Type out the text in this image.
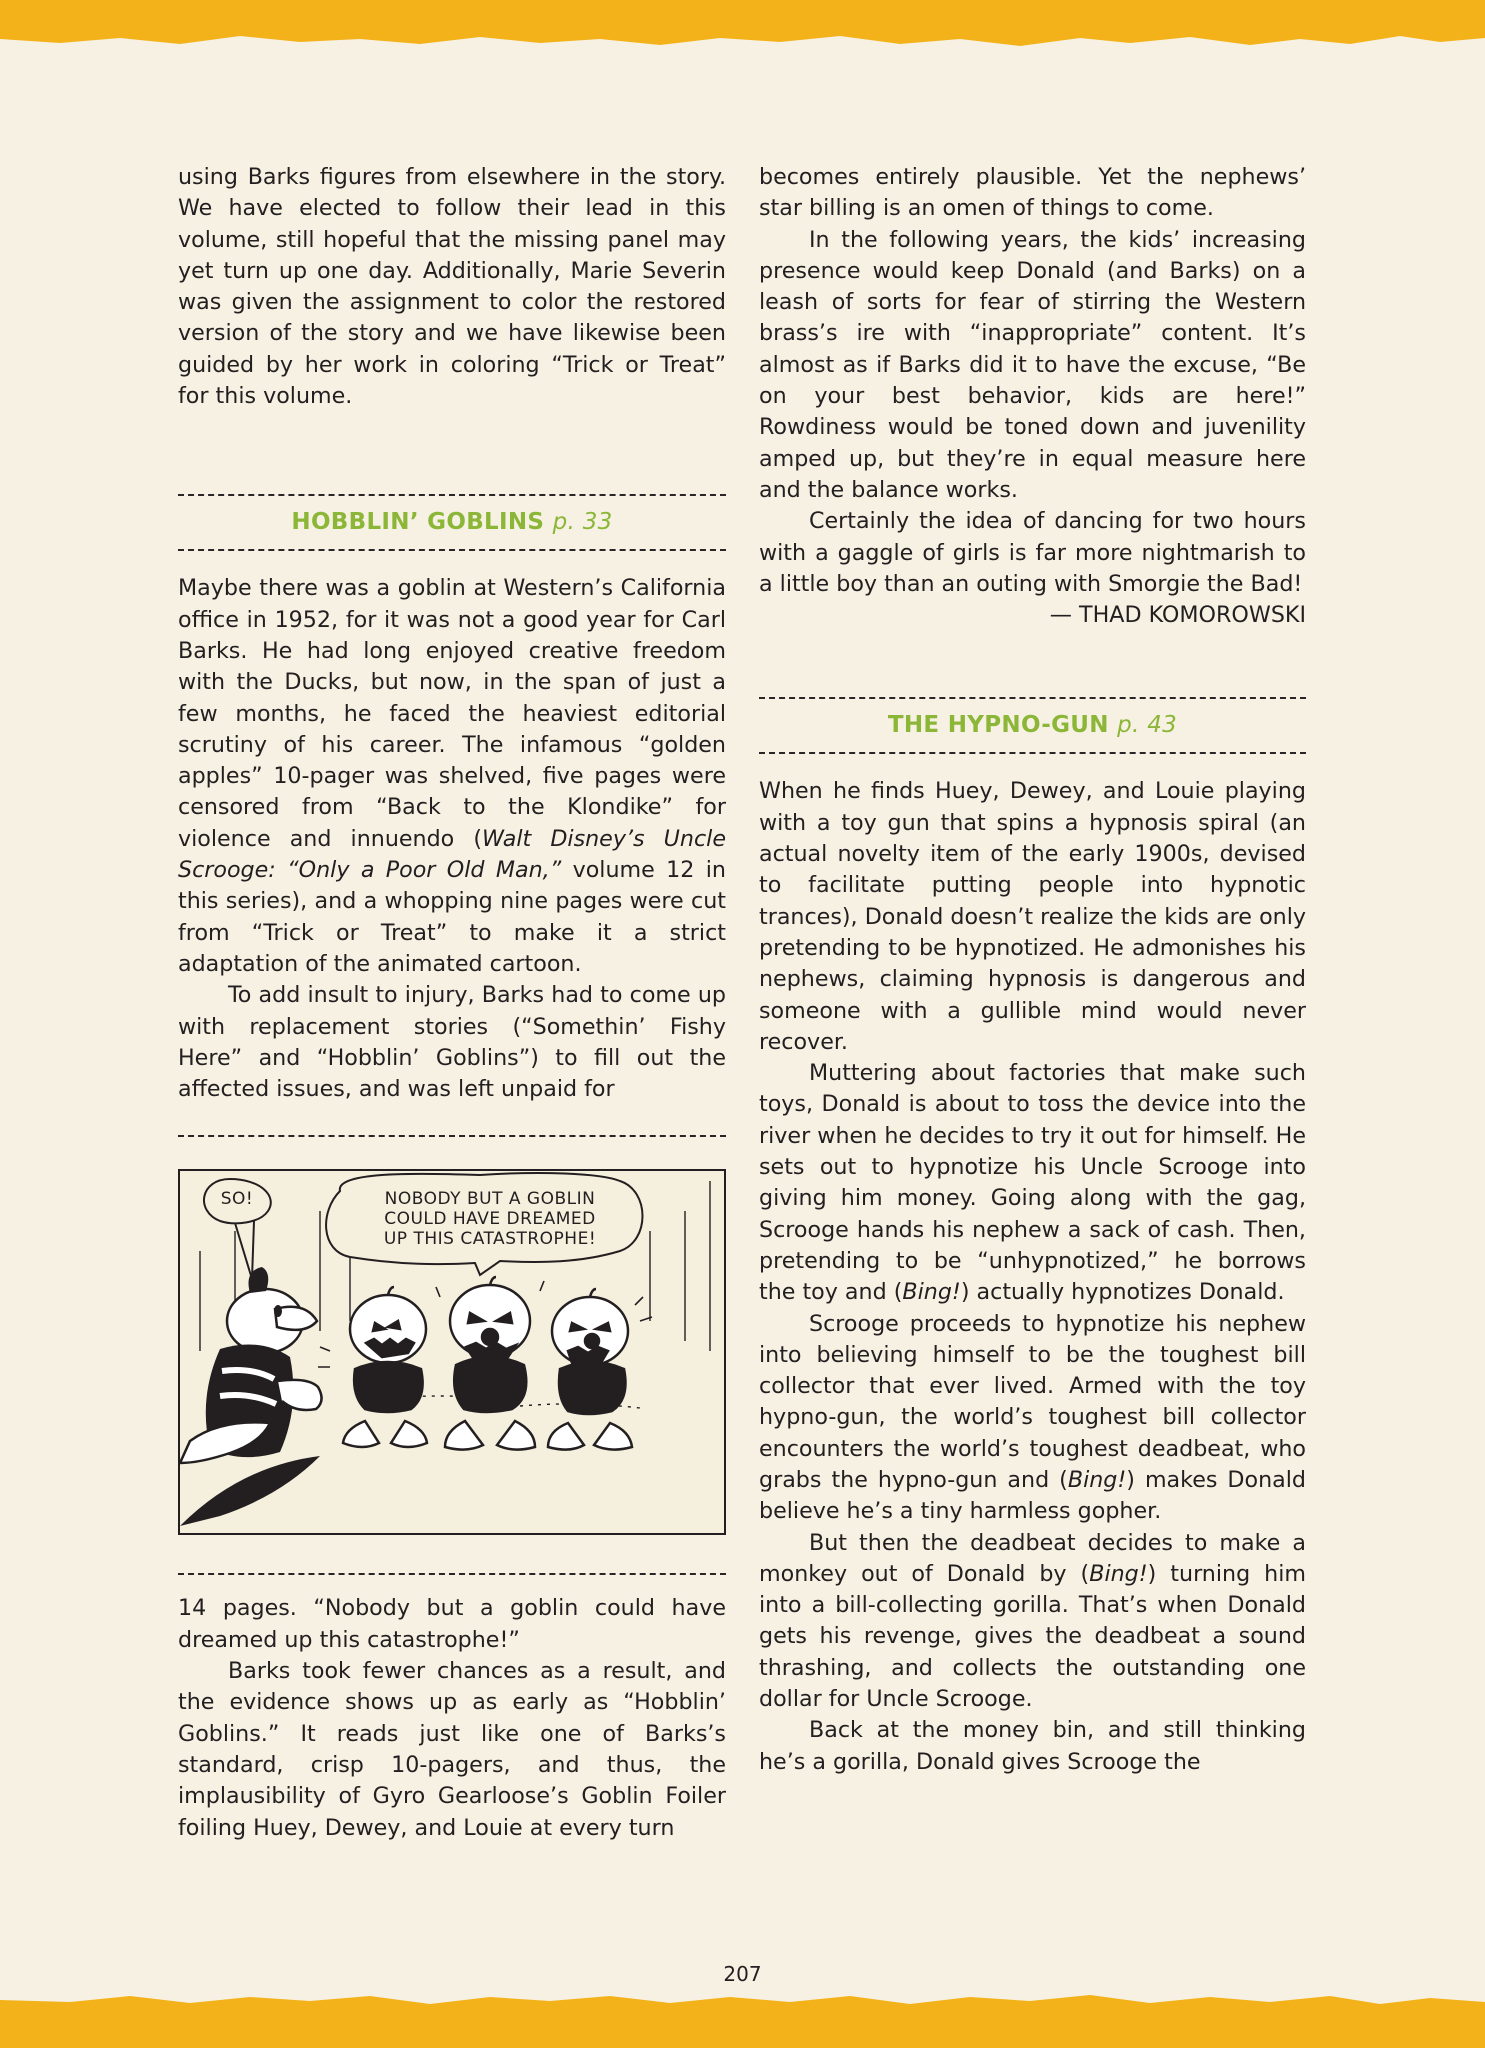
using Barks figures from elsewhere in the story. We have elected to follow their lead in this volume, still hopeful that the missing panel may yet turn up one day. Additionally, Marie Severin was given the assignment to color the restored version of the story and we have likewise been guided by her work in coloring “Trick or Treat” for this volume.

HOBBLIN’ GOBLINS p. 33

Maybe there was a goblin at Western’s California office in 1952, for it was not a good year for Carl Barks. He had long enjoyed creative freedom with the Ducks, but now, in the span of just a few months, he faced the heaviest editorial scrutiny of his career. The infamous “golden apples” 10-pager was shelved, five pages were censored from “Back to the Klondike” for violence and innuendo (Walt Disney’s Uncle Scrooge: “Only a Poor Old Man,” volume 12 in this series), and a whopping nine pages were cut from “Trick or Treat” to make it a strict adaptation of the animated cartoon.

To add insult to injury, Barks had to come up with replacement stories (“Somethin’ Fishy Here” and “Hobblin’ Goblins”) to fill out the affected issues, and was left unpaid for

SO!	NOBODY BUT A GOBLIN
COULD HAVE DREAMED
UP THIS CATASTROPHE!

14 pages. “Nobody but a goblin could have dreamed up this catastrophe!”

Barks took fewer chances as a result, and the evidence shows up as early as “Hobblin’ Goblins.” It reads just like one of Barks’s standard, crisp 10-pagers, and thus, the implausibility of Gyro Gearloose’s Goblin Foiler foiling Huey, Dewey, and Louie at every turn

becomes entirely plausible. Yet the nephews’ star billing is an omen of things to come.

In the following years, the kids’ increasing presence would keep Donald (and Barks) on a leash of sorts for fear of stirring the Western brass’s ire with “inappropriate” content. It’s almost as if Barks did it to have the excuse, “Be on your best behavior, kids are here!” Rowdiness would be toned down and juvenility amped up, but they’re in equal measure here and the balance works.

Certainly the idea of dancing for two hours with a gaggle of girls is far more nightmarish to a little boy than an outing with Smorgie the Bad!

— THAD KOMOROWSKI

THE HYPNO-GUN p. 43

When he finds Huey, Dewey, and Louie playing with a toy gun that spins a hypnosis spiral (an actual novelty item of the early 1900s, devised to facilitate putting people into hypnotic trances), Donald doesn’t realize the kids are only pretending to be hypnotized. He admonishes his nephews, claiming hypnosis is dangerous and someone with a gullible mind would never recover.

Muttering about factories that make such toys, Donald is about to toss the device into the river when he decides to try it out for himself. He sets out to hypnotize his Uncle Scrooge into giving him money. Going along with the gag, Scrooge hands his nephew a sack of cash. Then, pretending to be “unhypnotized,” he borrows the toy and (Bing!) actually hypnotizes Donald.

Scrooge proceeds to hypnotize his nephew into believing himself to be the toughest bill collector that ever lived. Armed with the toy hypno-gun, the world’s toughest bill collector encounters the world’s toughest deadbeat, who grabs the hypno-gun and (Bing!) makes Donald believe he’s a tiny harmless gopher.

But then the deadbeat decides to make a monkey out of Donald by (Bing!) turning him into a bill-collecting gorilla. That’s when Donald gets his revenge, gives the deadbeat a sound thrashing, and collects the outstanding one dollar for Uncle Scrooge.

Back at the money bin, and still thinking he’s a gorilla, Donald gives Scrooge the

207
